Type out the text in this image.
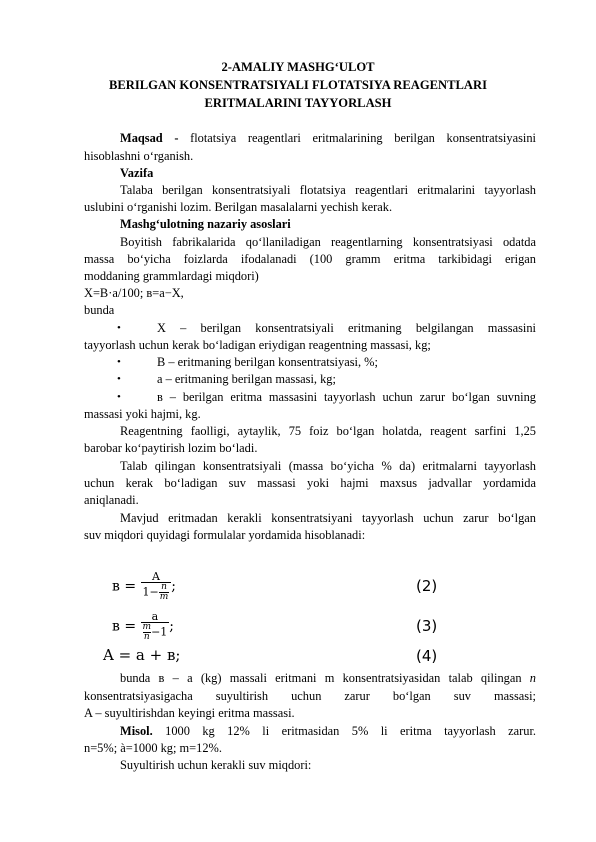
2-AMALIY MASHG‘ULOT
BERILGAN KONSENTRATSIYALI FLOTATSIYA REAGENTLARI
ERITMALARINI TAYYORLASH
Maqsad - flotatsiya reagentlari eritmalarining berilgan konsentratsiyasini
hisoblashni o‘rganish.
Vazifa
Talaba berilgan konsentratsiyali flotatsiya reagentlari eritmalarini tayyorlash
uslubini o‘rganishi lozim. Berilgan masalalarni yechish kerak.
Mashg‘ulotning nazariy asoslari
Boyitish fabrikalarida qo‘llaniladigan reagentlarning konsentratsiyasi odatda
massa bo‘yicha foizlarda ifodalanadi (100 gramm eritma tarkibidagi erigan
moddaning grammlardagi miqdori)
X=B·a/100; в=a−X,
bunda
•	X – berilgan konsentratsiyali eritmaning belgilangan massasini
tayyorlash uchun kerak bo‘ladigan eriydigan reagentning massasi, kg;
•	B – eritmaning berilgan konsentratsiyasi, %;
•	a – eritmaning berilgan massasi, kg;
•	в – berilgan eritma massasini tayyorlash uchun zarur bo‘lgan suvning
massasi yoki hajmi, kg.
Reagentning faolligi, aytaylik, 75 foiz bo‘lgan holatda, reagent sarfini 1,25
barobar ko‘paytirish lozim bo‘ladi.
Talab qilingan konsentratsiyali (massa bo‘yicha % da) eritmalarni tayyorlash
uchun kerak bo‘ladigan suv massasi yoki hajmi maxsus jadvallar yordamida
aniqlanadi.
Mavjud eritmadan kerakli konsentratsiyani tayyorlash uchun zarur bo‘lgan
suv miqdori quyidagi formulalar yordamida hisoblanadi:
$в = \frac{A}{1- \frac{n}{m}}$ ;	(2)
$в = \frac{a}{\frac{m}{n} -1}$ ;	(3)
A = a + в;	(4)
bunda в – a (kg) massali eritmani m konsentratsiyasidan talab qilingan n
konsentratsiyasigacha suyultirish uchun zarur bo‘lgan suv massasi;
A – suyultirishdan keyingi eritma massasi.
Misol. 1000 kg 12% li eritmasidan 5% li eritma tayyorlash zarur.
n=5%; à=1000 kg; m=12%.
Suyultirish uchun kerakli suv miqdori:
